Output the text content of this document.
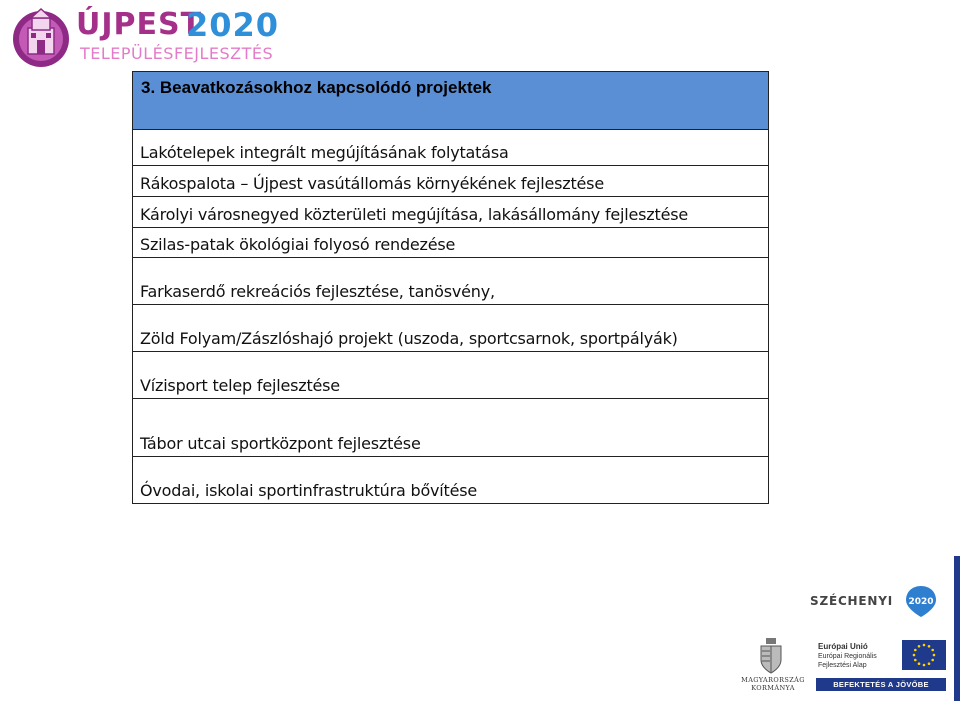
ÚJPEST
2020
TELEPÜLÉSFEJLESZTÉS
3. Beavatkozásokhoz kapcsolódó projektek
Lakótelepek integrált megújításának folytatása
Rákospalota – Újpest vasútállomás környékének fejlesztése
Károlyi városnegyed közterületi megújítása, lakásállomány fejlesztése
Szilas-patak ökológiai folyosó rendezése
Farkaserdő rekreációs fejlesztése, tanösvény,
Zöld Folyam/Zászlóshajó projekt (uszoda, sportcsarnok, sportpályák)
Vízisport telep fejlesztése
Tábor utcai sportközpont fejlesztése
Óvodai, iskolai sportinfrastruktúra bővítése
SZÉCHENYI 2020
MAGYARORSZÁG
KORMÁNYA
Európai Unió
Európai Regionális
Fejlesztési Alap
BEFEKTETÉS A JÖVŐBE
